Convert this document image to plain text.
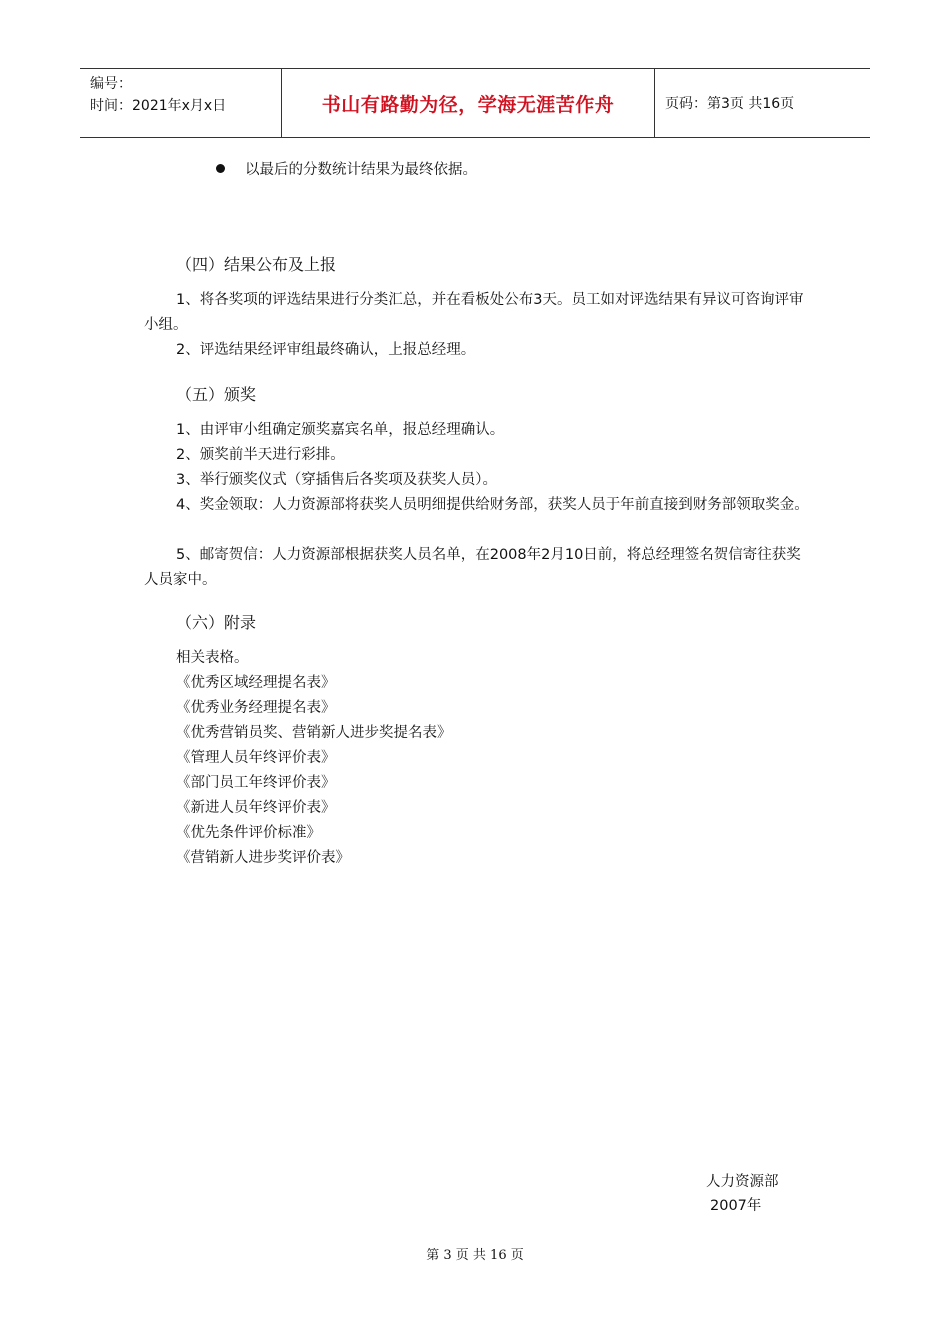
编号：
时间：2021年x月x日	书山有路勤为径，学海无涯苦作舟	页码：第3页 共16页
以最后的分数统计结果为最终依据。
（四）结果公布及上报
1、将各奖项的评选结果进行分类汇总，并在看板处公布3天。员工如对评选结果有异议可咨询评审小组。
2、评选结果经评审组最终确认，上报总经理。
（五）颁奖
1、由评审小组确定颁奖嘉宾名单，报总经理确认。
2、颁奖前半天进行彩排。
3、举行颁奖仪式（穿插售后各奖项及获奖人员）。
4、奖金领取：人力资源部将获奖人员明细提供给财务部，获奖人员于年前直接到财务部领取奖金。
5、邮寄贺信：人力资源部根据获奖人员名单，在2008年2月10日前，将总经理签名贺信寄往获奖人员家中。
（六）附录
相关表格。
《优秀区域经理提名表》
《优秀业务经理提名表》
《优秀营销员奖、营销新人进步奖提名表》
《管理人员年终评价表》
《部门员工年终评价表》
《新进人员年终评价表》
《优先条件评价标准》
《营销新人进步奖评价表》
人力资源部
2007年
第 3 页 共 16 页
